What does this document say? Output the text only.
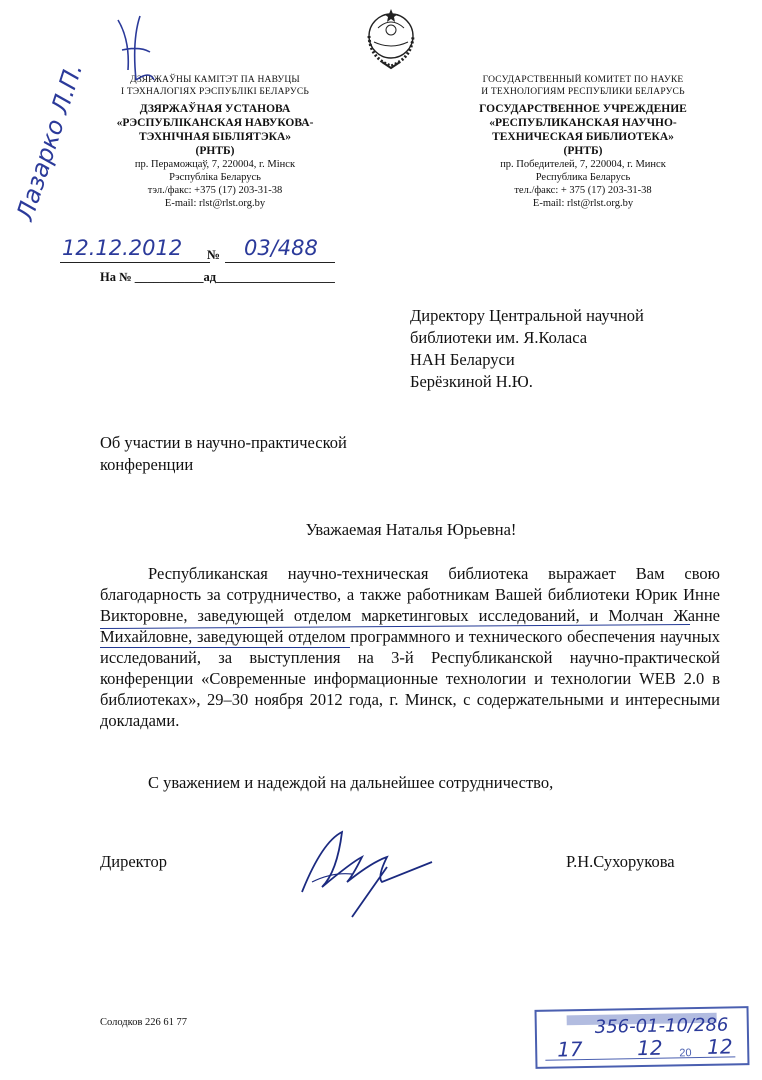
ДЗЯРЖАЎНЫ КАМІТЭТ ПА НАВУЦЫ
І ТЭХНАЛОГІЯХ РЭСПУБЛІКІ БЕЛАРУСЬ
ДЗЯРЖАЎНАЯ УСТАНОВА
«РЭСПУБЛІКАНСКАЯ НАВУКОВА-
ТЭХНІЧНАЯ БІБЛІЯТЭКА»
(РНТБ)
пр. Пераможцаў, 7, 220004, г. Мінск
Рэспубліка Беларусь
тэл./факс: +375 (17) 203-31-38
E-mail: rlst@rlst.org.by
ГОСУДАРСТВЕННЫЙ КОМИТЕТ ПО НАУКЕ
И ТЕХНОЛОГИЯМ РЕСПУБЛИКИ БЕЛАРУСЬ
ГОСУДАРСТВЕННОЕ УЧРЕЖДЕНИЕ
«РЕСПУБЛИКАНСКАЯ НАУЧНО-
ТЕХНИЧЕСКАЯ БИБЛИОТЕКА»
(РНТБ)
пр. Победителей, 7, 220004, г. Минск
Республика Беларусь
тел./факс: + 375 (17) 203-31-38
E-mail: rlst@rlst.org.by
Лазарко Л.П.
12.12.2012 № 03/488
На № ___________ад___________________
Директору Центральной научной
библиотеки им. Я.Коласа
НАН Беларуси
Берёзкиной Н.Ю.
Об участии в научно-практической
конференции
Уважаемая Наталья Юрьевна!
Республиканская научно-техническая библиотека выражает Вам свою благодарность за сотрудничество, а также работникам Вашей библиотеки Юрик Инне Викторовне, заведующей отделом маркетинговых исследований, и Молчан Жанне Михайловне, заведующей отделом программного и технического обеспечения научных исследований, за выступления на 3-й Республиканской научно-практической конференции «Современные информационные технологии и технологии WEB 2.0 в библиотеках», 29–30 ноября 2012 года, г. Минск, с содержательными и интересными докладами.
С уважением и надеждой на дальнейшее сотрудничество,
Директор	Р.Н.Сухорукова
Солодков 226 61 77	356-01-10/286
17	12 20 12
